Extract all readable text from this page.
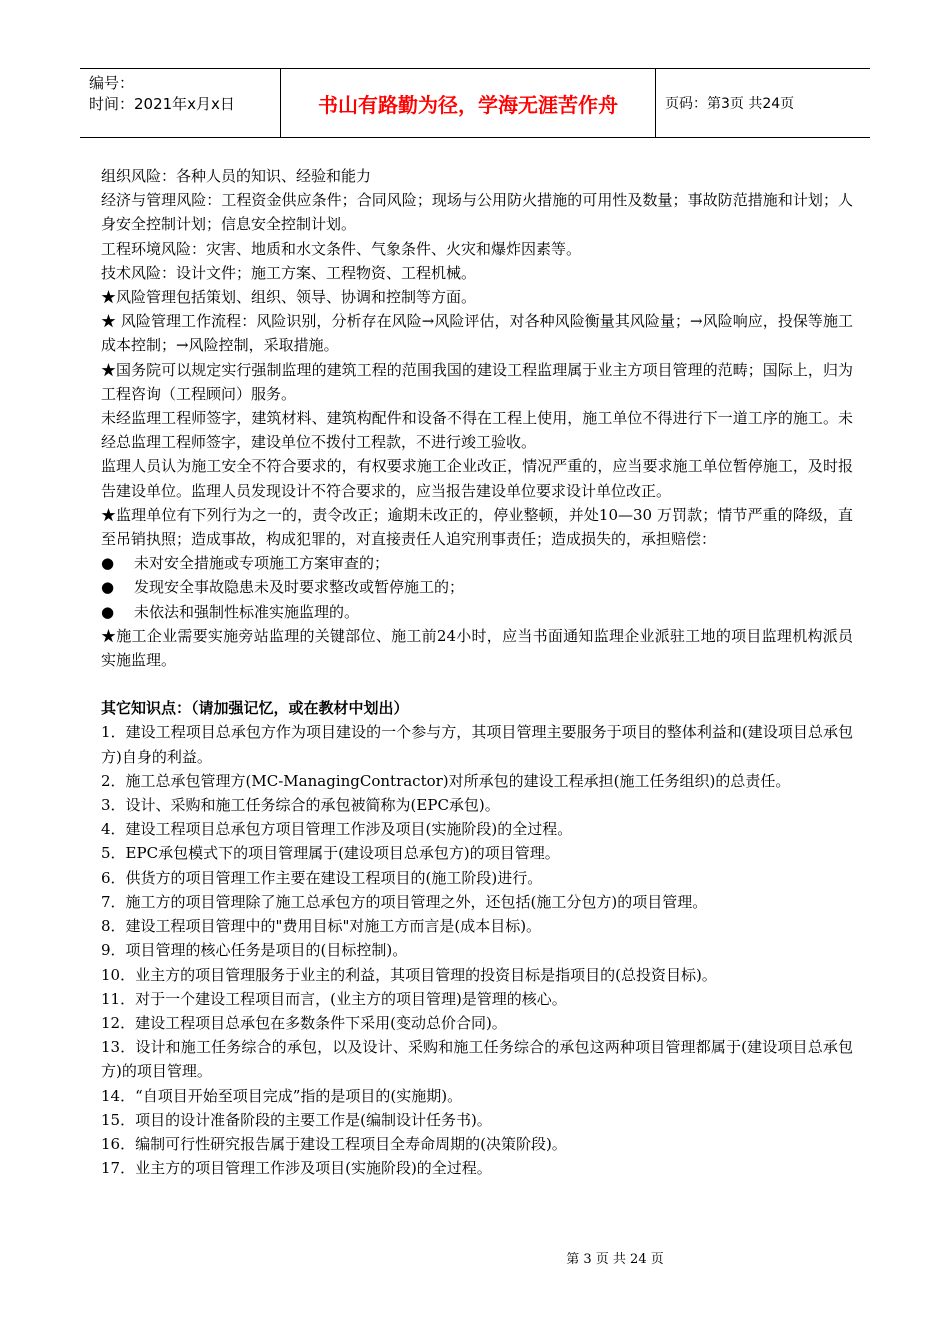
编号：
时间：2021年x月x日	书山有路勤为径，学海无涯苦作舟	页码：第3页 共24页

组织风险：各种人员的知识、经验和能力

经济与管理风险：工程资金供应条件；合同风险；现场与公用防火措施的可用性及数量；事故防范措施和计划；人身安全控制计划；信息安全控制计划。

工程环境风险：灾害、地质和水文条件、气象条件、火灾和爆炸因素等。

技术风险：设计文件；施工方案、工程物资、工程机械。

★风险管理包括策划、组织、领导、协调和控制等方面。

★ 风险管理工作流程：风险识别，分析存在风险→风险评估，对各种风险衡量其风险量；→风险响应，投保等施工成本控制；→风险控制，采取措施。

★国务院可以规定实行强制监理的建筑工程的范围我国的建设工程监理属于业主方项目管理的范畴；国际上，归为工程咨询（工程顾问）服务。

未经监理工程师签字，建筑材料、建筑构配件和设备不得在工程上使用，施工单位不得进行下一道工序的施工。未经总监理工程师签字，建设单位不拨付工程款，不进行竣工验收。

监理人员认为施工安全不符合要求的，有权要求施工企业改正，情况严重的，应当要求施工单位暂停施工，及时报告建设单位。监理人员发现设计不符合要求的，应当报告建设单位要求设计单位改正。

★监理单位有下列行为之一的，责令改正；逾期未改正的，停业整顿，并处10—30 万罚款；情节严重的降级，直至吊销执照；造成事故，构成犯罪的，对直接责任人追究刑事责任；造成损失的，承担赔偿：

●	未对安全措施或专项施工方案审查的；
●	发现安全事故隐患未及时要求整改或暂停施工的；
●	未依法和强制性标准实施监理的。

★施工企业需要实施旁站监理的关键部位、施工前24小时，应当书面通知监理企业派驻工地的项目监理机构派员实施监理。

其它知识点：（请加强记忆，或在教材中划出）

1．建设工程项目总承包方作为项目建设的一个参与方，其项目管理主要服务于项目的整体利益和(建设项目总承包方)自身的利益。

2．施工总承包管理方(MC-ManagingContractor)对所承包的建设工程承担(施工任务组织)的总责任。

3．设计、采购和施工任务综合的承包被简称为(EPC承包)。

4．建设工程项目总承包方项目管理工作涉及项目(实施阶段)的全过程。

5．EPC承包模式下的项目管理属于(建设项目总承包方)的项目管理。

6．供货方的项目管理工作主要在建设工程项目的(施工阶段)进行。

7．施工方的项目管理除了施工总承包方的项目管理之外，还包括(施工分包方)的项目管理。

8．建设工程项目管理中的"费用目标"对施工方而言是(成本目标)。

9．项目管理的核心任务是项目的(目标控制)。

10．业主方的项目管理服务于业主的利益，其项目管理的投资目标是指项目的(总投资目标)。

11．对于一个建设工程项目而言，(业主方的项目管理)是管理的核心。

12．建设工程项目总承包在多数条件下采用(变动总价合同)。

13．设计和施工任务综合的承包，以及设计、采购和施工任务综合的承包这两种项目管理都属于(建设项目总承包方)的项目管理。

14．“自项目开始至项目完成”指的是项目的(实施期)。

15．项目的设计准备阶段的主要工作是(编制设计任务书)。

16．编制可行性研究报告属于建设工程项目全寿命周期的(决策阶段)。

17．业主方的项目管理工作涉及项目(实施阶段)的全过程。

第 3 页 共 24 页
